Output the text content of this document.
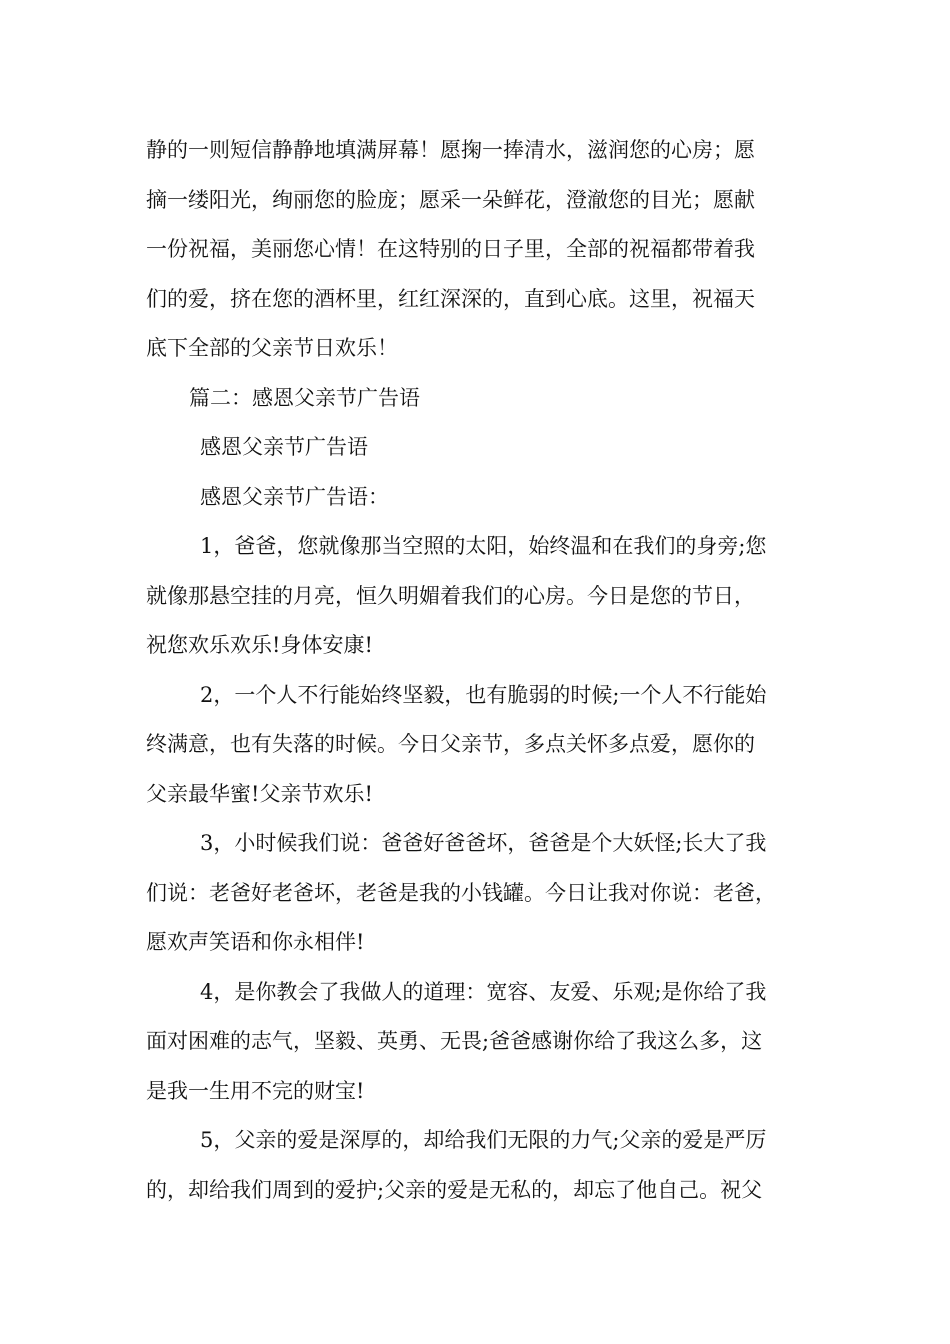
静的一则短信静静地填满屏幕！愿掬一捧清水，滋润您的心房；愿
摘一缕阳光，绚丽您的脸庞；愿采一朵鲜花，澄澈您的目光；愿献
一份祝福，美丽您心情！在这特别的日子里，全部的祝福都带着我
们的爱，挤在您的酒杯里，红红深深的，直到心底。这里，祝福天
底下全部的父亲节日欢乐！

篇二：感恩父亲节广告语

感恩父亲节广告语

感恩父亲节广告语：

1，爸爸，您就像那当空照的太阳，始终温和在我们的身旁;您
就像那悬空挂的月亮，恒久明媚着我们的心房。今日是您的节日，
祝您欢乐欢乐!身体安康!

2，一个人不行能始终坚毅，也有脆弱的时候;一个人不行能始
终满意，也有失落的时候。今日父亲节，多点关怀多点爱，愿你的
父亲最华蜜!父亲节欢乐!

3，小时候我们说：爸爸好爸爸坏，爸爸是个大妖怪;长大了我
们说：老爸好老爸坏，老爸是我的小钱罐。今日让我对你说：老爸，
愿欢声笑语和你永相伴!

4，是你教会了我做人的道理：宽容、友爱、乐观;是你给了我
面对困难的志气，坚毅、英勇、无畏;爸爸感谢你给了我这么多，这
是我一生用不完的财宝!

5，父亲的爱是深厚的，却给我们无限的力气;父亲的爱是严厉
的，却给我们周到的爱护;父亲的爱是无私的，却忘了他自己。祝父
